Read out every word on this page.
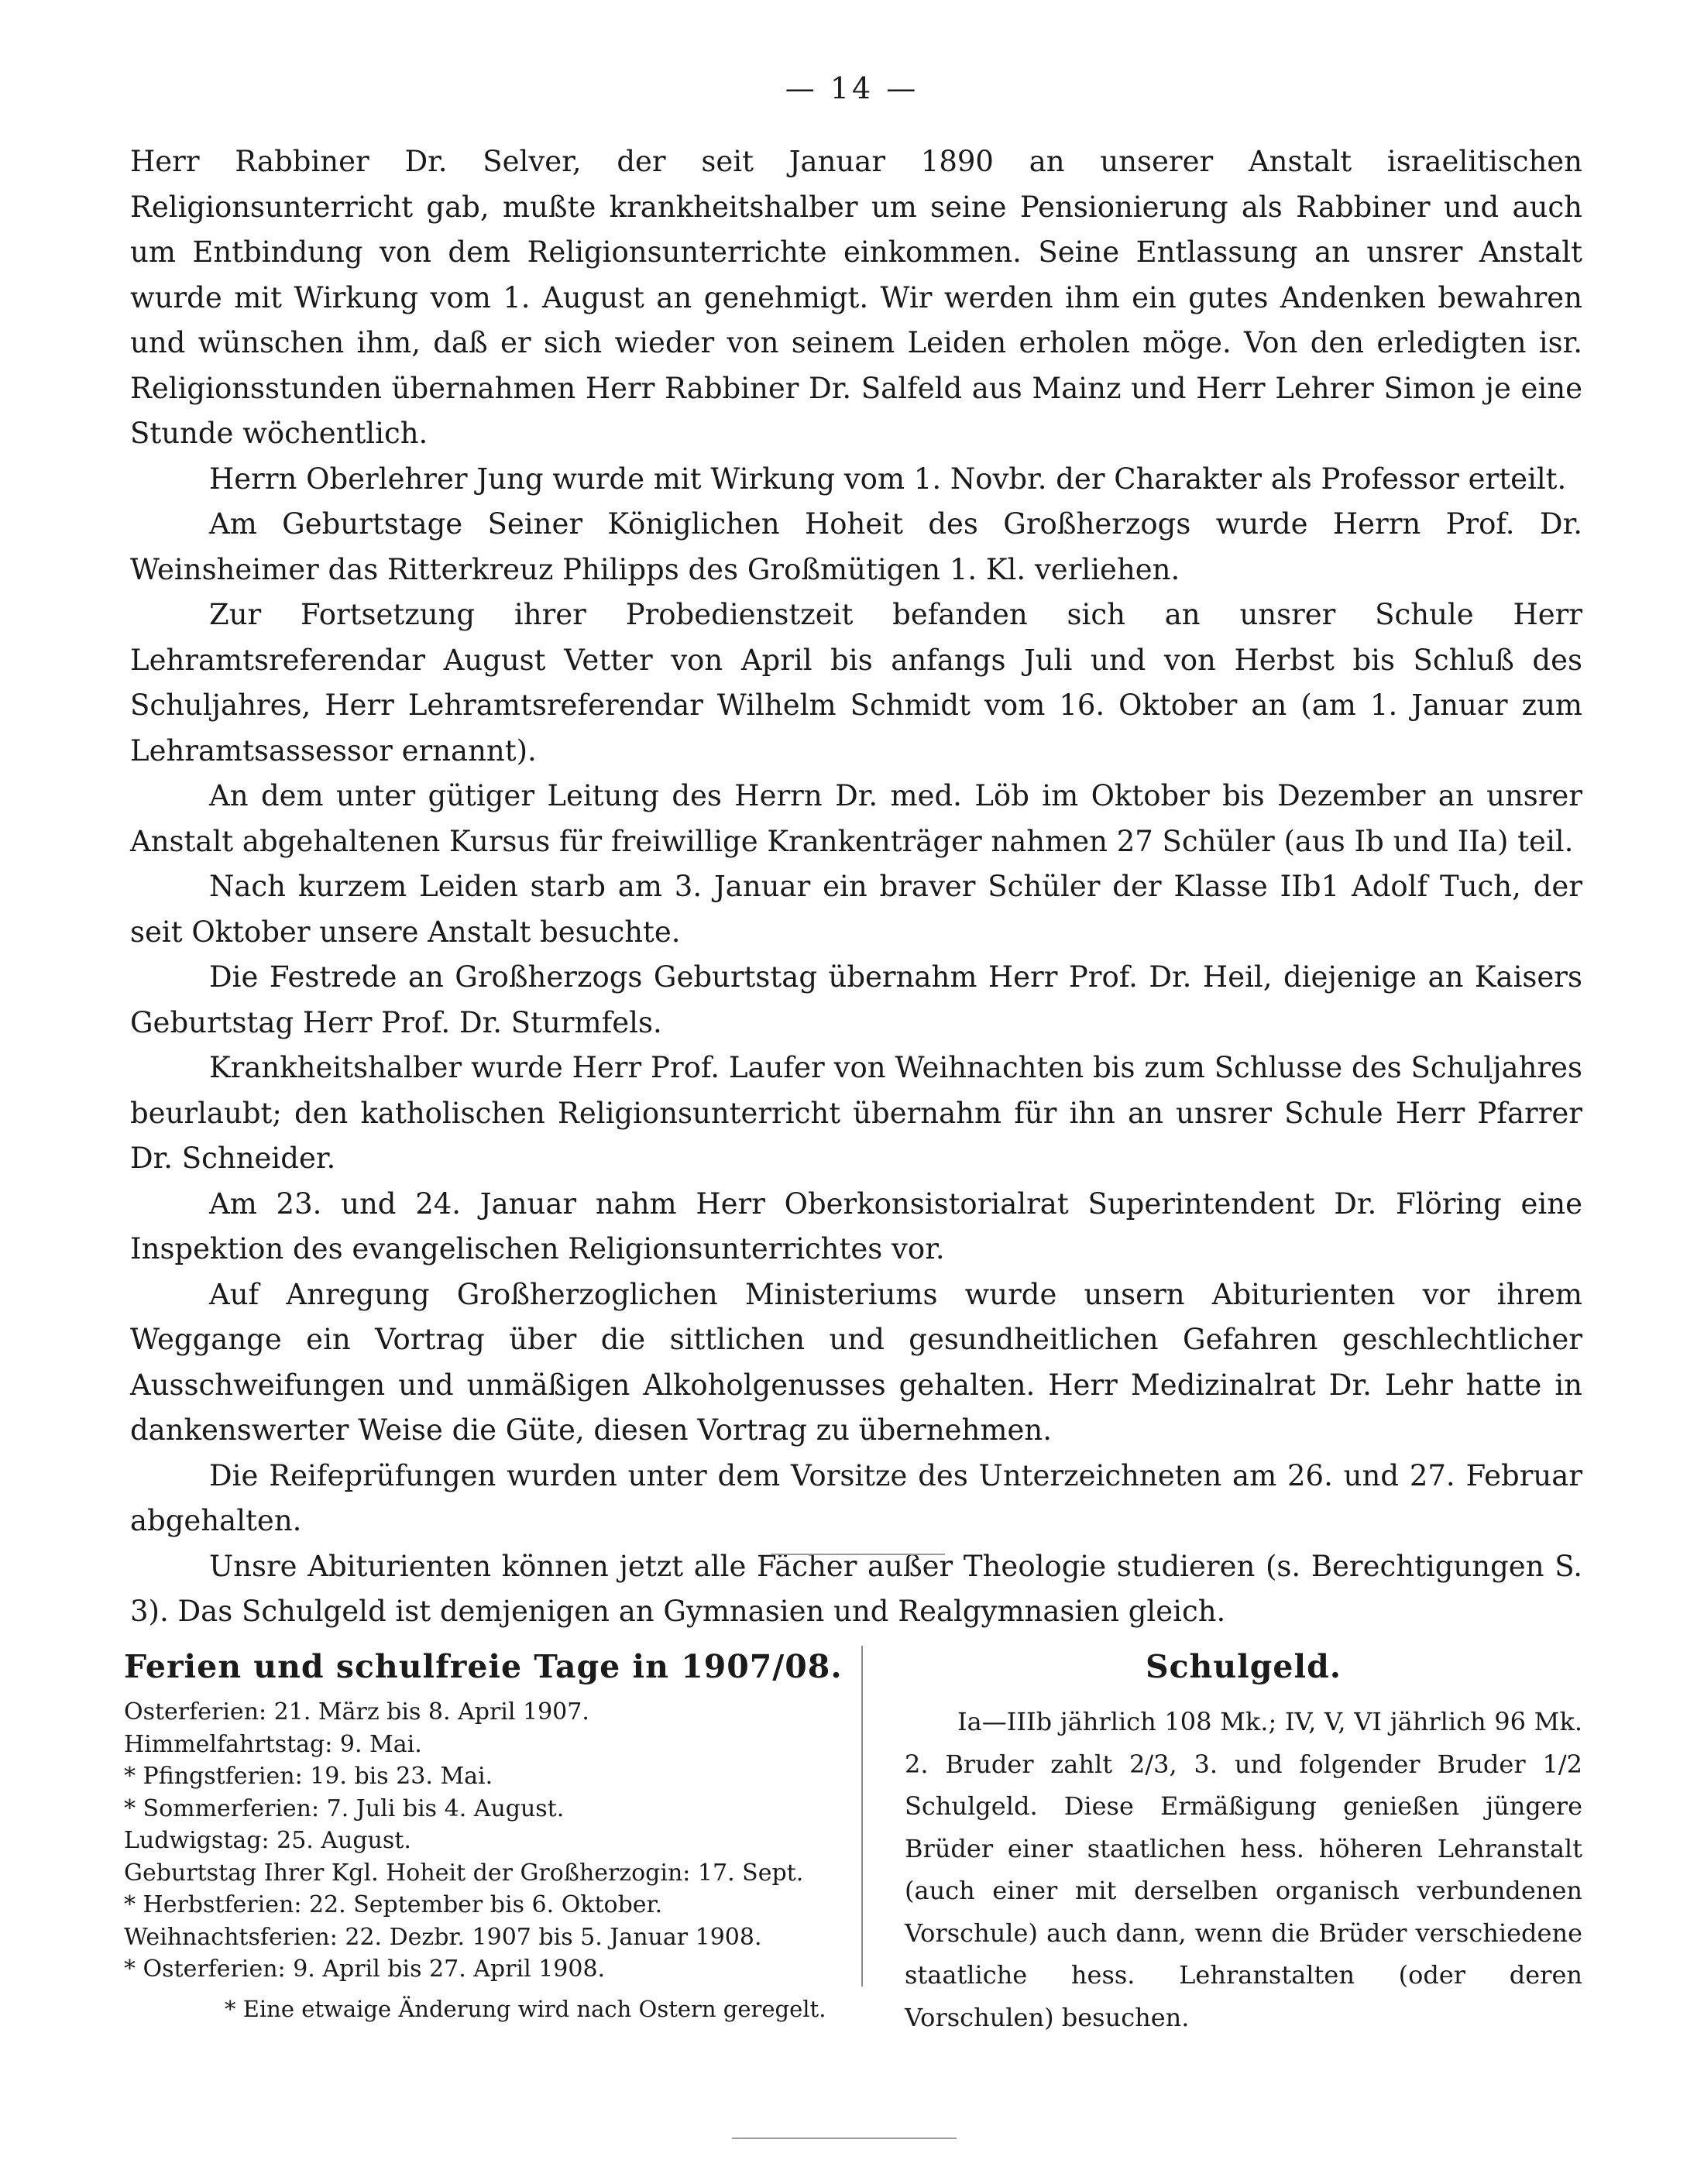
— 14 —

Herr Rabbiner Dr. Selver, der seit Januar 1890 an unserer Anstalt israelitischen Religionsunterricht gab, mußte krankheitshalber um seine Pensionierung als Rabbiner und auch um Entbindung von dem Religionsunterrichte einkommen. Seine Entlassung an unsrer Anstalt wurde mit Wirkung vom 1. August an genehmigt. Wir werden ihm ein gutes Andenken bewahren und wünschen ihm, daß er sich wieder von seinem Leiden erholen möge. Von den erledigten isr. Religionsstunden übernahmen Herr Rabbiner Dr. Salfeld aus Mainz und Herr Lehrer Simon je eine Stunde wöchentlich.

Herrn Oberlehrer Jung wurde mit Wirkung vom 1. Novbr. der Charakter als Professor erteilt.

Am Geburtstage Seiner Königlichen Hoheit des Großherzogs wurde Herrn Prof. Dr. Weinsheimer das Ritterkreuz Philipps des Großmütigen 1. Kl. verliehen.

Zur Fortsetzung ihrer Probedienstzeit befanden sich an unsrer Schule Herr Lehramtsreferendar August Vetter von April bis anfangs Juli und von Herbst bis Schluß des Schuljahres, Herr Lehramtsreferendar Wilhelm Schmidt vom 16. Oktober an (am 1. Januar zum Lehramtsassessor ernannt).

An dem unter gütiger Leitung des Herrn Dr. med. Löb im Oktober bis Dezember an unsrer Anstalt abgehaltenen Kursus für freiwillige Krankenträger nahmen 27 Schüler (aus Ib und IIa) teil.

Nach kurzem Leiden starb am 3. Januar ein braver Schüler der Klasse IIb1 Adolf Tuch, der seit Oktober unsere Anstalt besuchte.

Die Festrede an Großherzogs Geburtstag übernahm Herr Prof. Dr. Heil, diejenige an Kaisers Geburtstag Herr Prof. Dr. Sturmfels.

Krankheitshalber wurde Herr Prof. Laufer von Weihnachten bis zum Schlusse des Schuljahres beurlaubt; den katholischen Religionsunterricht übernahm für ihn an unsrer Schule Herr Pfarrer Dr. Schneider.

Am 23. und 24. Januar nahm Herr Oberkonsistorialrat Superintendent Dr. Flöring eine Inspektion des evangelischen Religionsunterrichtes vor.

Auf Anregung Großherzoglichen Ministeriums wurde unsern Abiturienten vor ihrem Weggange ein Vortrag über die sittlichen und gesundheitlichen Gefahren geschlechtlicher Ausschweifungen und unmäßigen Alkoholgenusses gehalten. Herr Medizinalrat Dr. Lehr hatte in dankenswerter Weise die Güte, diesen Vortrag zu übernehmen.

Die Reifeprüfungen wurden unter dem Vorsitze des Unterzeichneten am 26. und 27. Februar abgehalten.

Unsre Abiturienten können jetzt alle Fächer außer Theologie studieren (s. Berechtigungen S. 3). Das Schulgeld ist demjenigen an Gymnasien und Realgymnasien gleich.

Ferien und schulfreie Tage in 1907/08.
Osterferien: 21. März bis 8. April 1907.
Himmelfahrtstag: 9. Mai.
* Pfingstferien: 19. bis 23. Mai.
* Sommerferien: 7. Juli bis 4. August.
Ludwigstag: 25. August.
Geburtstag Ihrer Kgl. Hoheit der Großherzogin: 17. Sept.
* Herbstferien: 22. September bis 6. Oktober.
Weihnachtsferien: 22. Dezbr. 1907 bis 5. Januar 1908.
* Osterferien: 9. April bis 27. April 1908.

* Eine etwaige Änderung wird nach Ostern geregelt.

Schulgeld.

Ia—IIIb jährlich 108 Mk.; IV, V, VI jährlich 96 Mk. 2. Bruder zahlt 2/3, 3. und folgender Bruder 1/2 Schulgeld. Diese Ermäßigung genießen jüngere Brüder einer staatlichen hess. höheren Lehranstalt (auch einer mit derselben organisch verbundenen Vorschule) auch dann, wenn die Brüder verschiedene staatliche hess. Lehranstalten (oder deren Vorschulen) besuchen.
